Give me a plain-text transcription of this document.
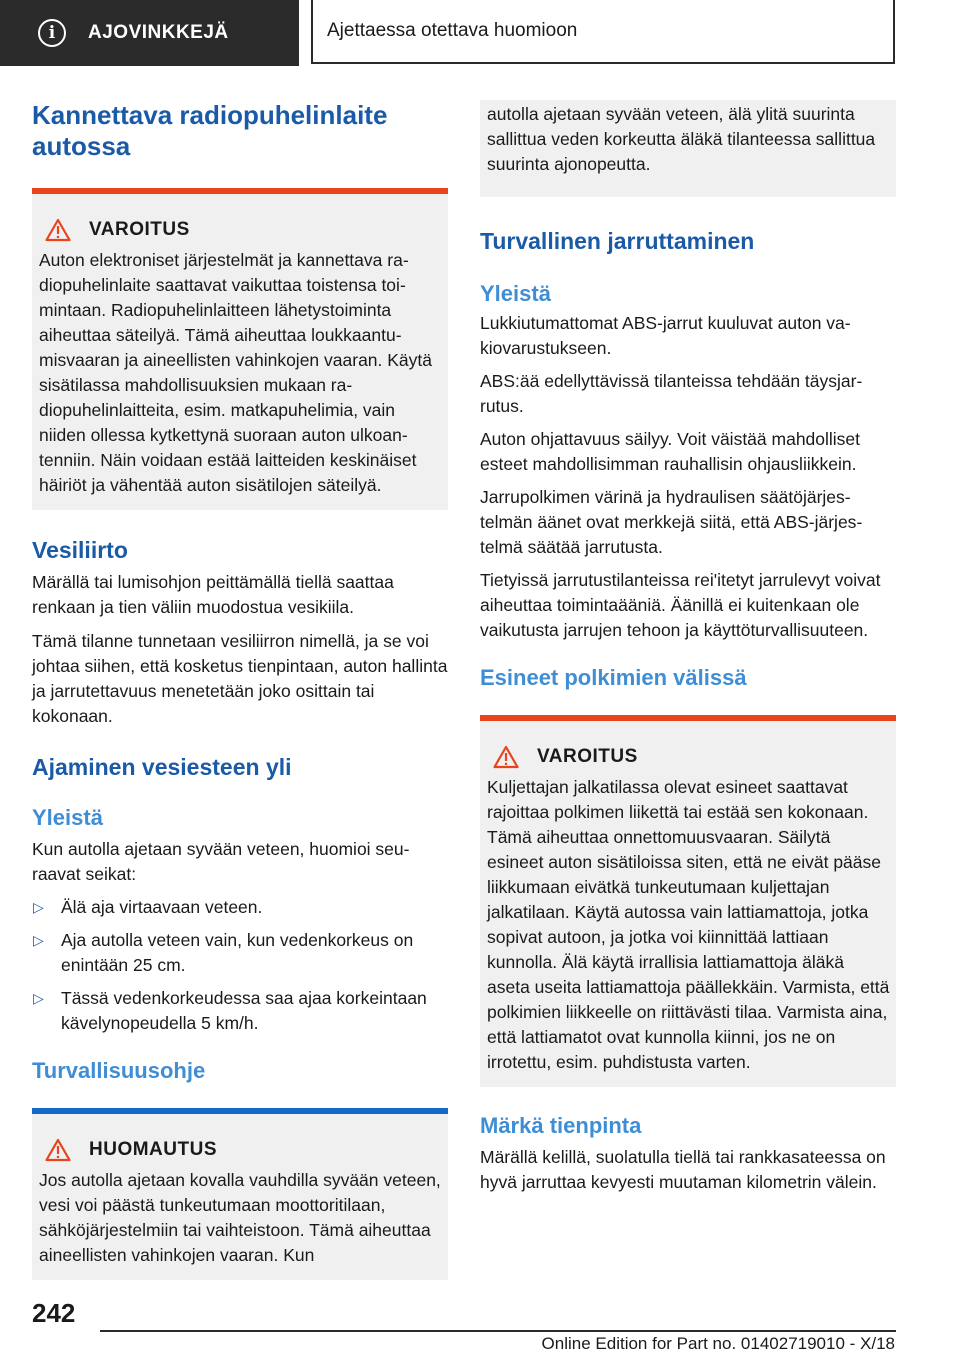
i	AJOVINKKEJÄ	Ajettaessa otettava huomioon
Kannettava radiopuhelinlaite autossa
VAROITUS

Auton elektroniset järjestelmät ja kannettava radiopuhelinlaite saattavat vaikuttaa toistensa toimintaan. Radiopuhelinlaitteen lähetystoiminta aiheuttaa säteilyä. Tämä aiheuttaa loukkaantumisvaaran ja aineellisten vahinkojen vaaran. Käytä sisätilassa mahdollisuuksien mukaan radiopuhelinlaitteita, esim. matkapuhelimia, vain niiden ollessa kytkettynä suoraan auton ulkoantenniin. Näin voidaan estää laitteiden keskinäiset häiriöt ja vähentää auton sisätilojen säteilyä.

Vesiliirto

Märällä tai lumisohjon peittämällä tiellä saattaa renkaan ja tien väliin muodostua vesikiila.

Tämä tilanne tunnetaan vesiliirron nimellä, ja se voi johtaa siihen, että kosketus tienpintaan, auton hallinta ja jarrutettavuus menetetään joko osittain tai kokonaan.

Ajaminen vesiesteen yli
Yleistä

Kun autolla ajetaan syvään veteen, huomioi seuraavat seikat:

▷ Älä aja virtaavaan veteen.
▷ Aja autolla veteen vain, kun vedenkorkeus on enintään 25 cm.
▷ Tässä vedenkorkeudessa saa ajaa korkeintaan kävelynopeudella 5 km/h.
Turvallisuusohje
HUOMAUTUS

Jos autolla ajetaan kovalla vauhdilla syvään veteen, vesi voi päästä tunkeutumaan moottoritilaan, sähköjärjestelmiin tai vaihteistoon. Tämä aiheuttaa aineellisten vahinkojen vaaran. Kun

autolla ajetaan syvään veteen, älä ylitä suurinta sallittua veden korkeutta äläkä tilanteessa sallittua suurinta ajonopeutta.

Turvallinen jarruttaminen
Yleistä

Lukkiutumattomat ABS-jarrut kuuluvat auton vakiovarustukseen.

ABS:ää edellyttävissä tilanteissa tehdään täysjarrutus.

Auton ohjattavuus säilyy. Voit väistää mahdolliset esteet mahdollisimman rauhallisin ohjausliikkein.

Jarrupolkimen värinä ja hydraulisen säätöjärjestelmän äänet ovat merkkejä siitä, että ABS-järjestelmä säätää jarrutusta.

Tietyissä jarrutustilanteissa rei'itetyt jarrulevyt voivat aiheuttaa toimintaääniä. Äänillä ei kuitenkaan ole vaikutusta jarrujen tehoon ja käyttöturvallisuuteen.

Esineet polkimien välissä
VAROITUS

Kuljettajan jalkatilassa olevat esineet saattavat rajoittaa polkimen liikettä tai estää sen kokonaan. Tämä aiheuttaa onnettomuusvaaran. Säilytä esineet auton sisätiloissa siten, että ne eivät pääse liikkumaan eivätkä tunkeutumaan kuljettajan jalkatilaan. Käytä autossa vain lattiamattoja, jotka sopivat autoon, ja jotka voi kiinnittää lattiaan kunnolla. Älä käytä irrallisia lattiamattoja äläkä aseta useita lattiamattoja päällekkäin. Varmista, että polkimien liikkeelle on riittävästi tilaa. Varmista aina, että lattiamatot ovat kunnolla kiinni, jos ne on irrotettu, esim. puhdistusta varten.

Märkä tienpinta

Märällä kelillä, suolatulla tiellä tai rankkasateessa on hyvä jarruttaa kevyesti muutaman kilometrin välein.

242
Online Edition for Part no. 01402719010 - X/18
